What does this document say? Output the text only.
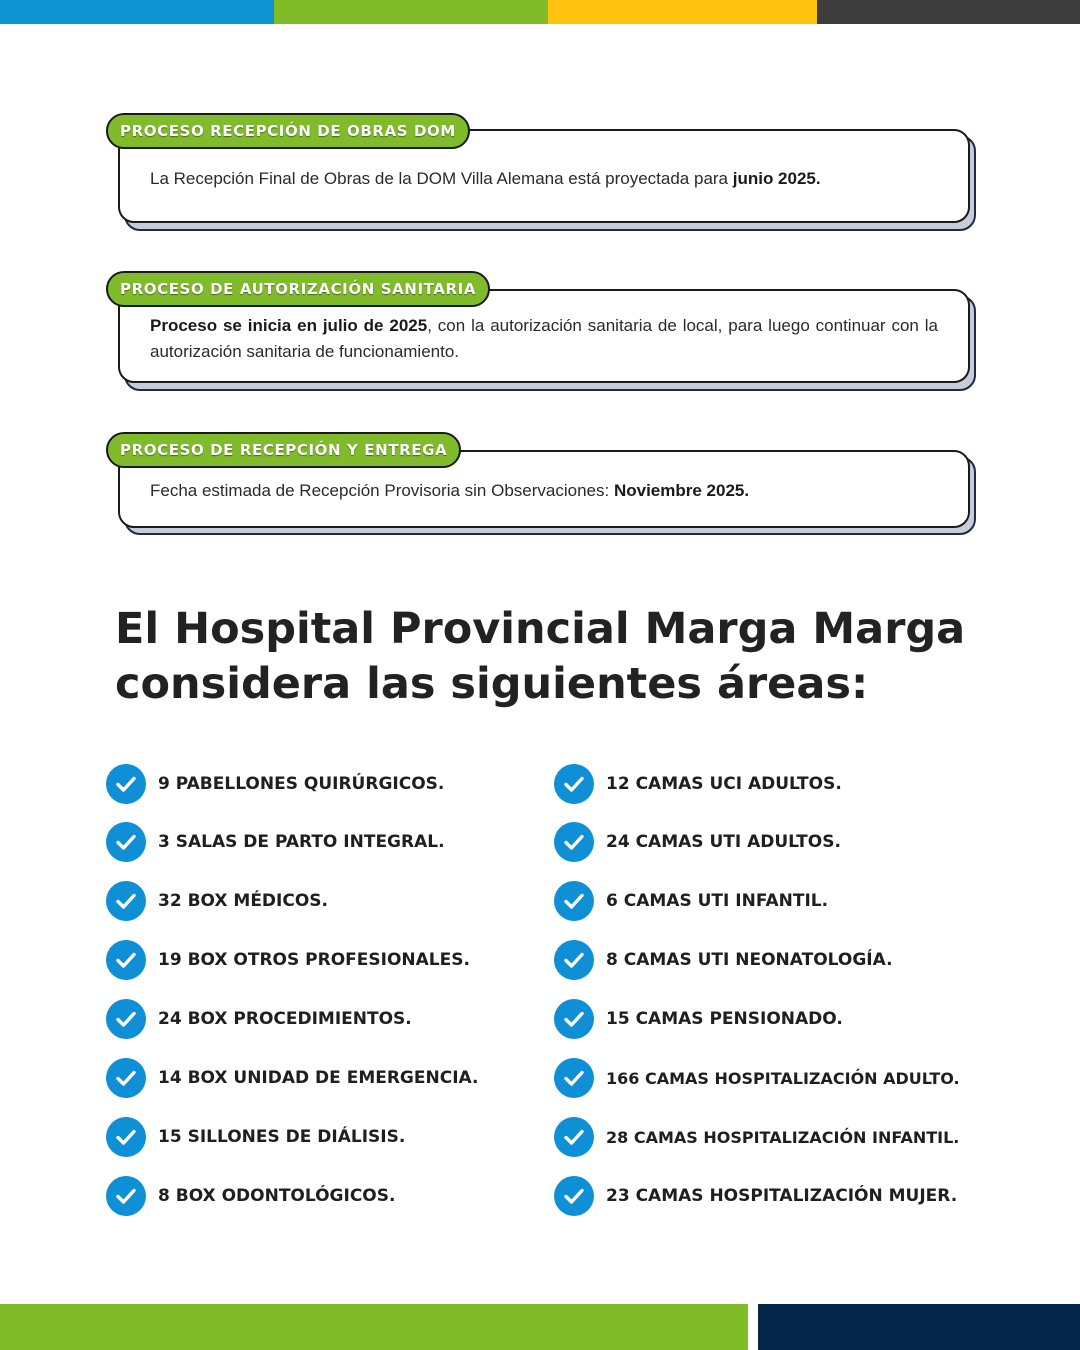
La Recepción Final de Obras de la DOM Villa Alemana está proyectada para junio 2025.

PROCESO RECEPCIÓN DE OBRAS DOM

Proceso se inicia en julio de 2025, con la autorización sanitaria de local, para luego continuar con la autorización sanitaria de funcionamiento.

PROCESO DE AUTORIZACIÓN SANITARIA

Fecha estimada de Recepción Provisoria sin Observaciones: Noviembre 2025.

PROCESO DE RECEPCIÓN Y ENTREGA
El Hospital Provincial Marga Marga
considera las siguientes áreas:
9 PABELLONES QUIRÚRGICOS.
3 SALAS DE PARTO INTEGRAL.
32 BOX MÉDICOS.
19 BOX OTROS PROFESIONALES.
24 BOX PROCEDIMIENTOS.
14 BOX UNIDAD DE EMERGENCIA.
15 SILLONES DE DIÁLISIS.
8 BOX ODONTOLÓGICOS.
12 CAMAS UCI ADULTOS.
24 CAMAS UTI ADULTOS.
6 CAMAS UTI INFANTIL.
8 CAMAS UTI NEONATOLOGÍA.
15 CAMAS PENSIONADO.
166 CAMAS HOSPITALIZACIÓN ADULTO.
28 CAMAS HOSPITALIZACIÓN INFANTIL.
23 CAMAS HOSPITALIZACIÓN MUJER.
